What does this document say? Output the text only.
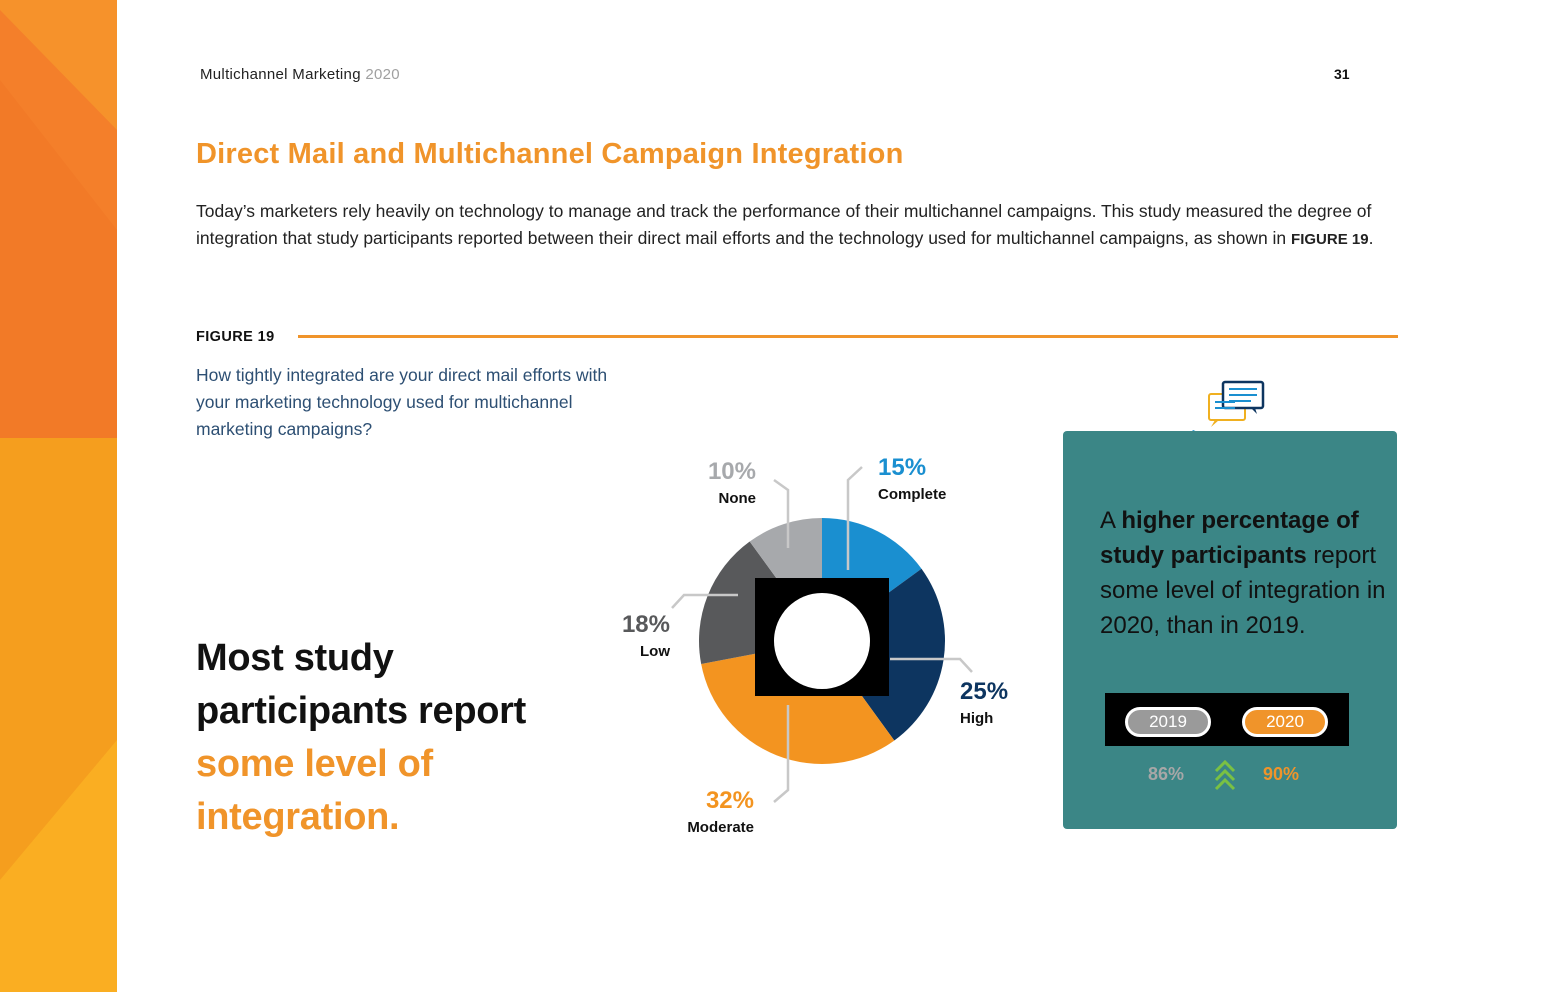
Multichannel Marketing 2020	31
Direct Mail and Multichannel Campaign Integration

Today’s marketers rely heavily on technology to manage and track the performance of their multichannel campaigns. This study measured the degree of integration that study participants reported between their direct mail efforts and the technology used for multichannel campaigns, as shown in FIGURE 19.

FIGURE 19

How tightly integrated are your direct mail efforts with your marketing technology used for multichannel marketing campaigns?

Most study
participants report
some level of
integration.
15%
Complete
25%
High
32%
Moderate
18%
Low
10%
None

A higher percentage of study participants report some level of integration in 2020, than in 2019.

2019	2020
86%	90%
